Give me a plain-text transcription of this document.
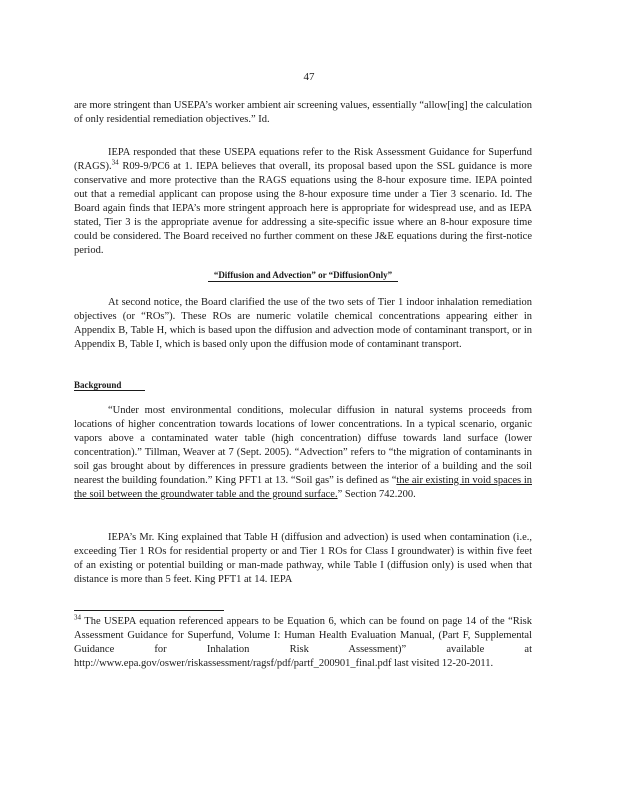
47

are more stringent than USEPA’s worker ambient air screening values, essentially “allow[ing] the calculation of only residential remediation objectives.” Id.

IEPA responded that these USEPA equations refer to the Risk Assessment Guidance for Superfund (RAGS).$^{34}$ R09-9/PC6 at 1. IEPA believes that overall, its proposal based upon the SSL guidance is more conservative and more protective than the RAGS equations using the 8-hour exposure time. IEPA pointed out that a remedial applicant can propose using the 8-hour exposure time under a Tier 3 scenario. Id. The Board again finds that IEPA’s more stringent approach here is appropriate for widespread use, and as IEPA stated, Tier 3 is the appropriate avenue for addressing a site-specific issue where an 8-hour exposure time could be considered. The Board received no further comment on these J&E equations during the first-notice period.

“Diffusion and Advection” or “DiffusionOnly”

At second notice, the Board clarified the use of the two sets of Tier 1 indoor inhalation remediation objectives (or “ROs”). These ROs are numeric volatile chemical concentrations appearing either in Appendix B, Table H, which is based upon the diffusion and advection mode of contaminant transport, or in Appendix B, Table I, which is based only upon the diffusion mode of contaminant transport.

Background

“Under most environmental conditions, molecular diffusion in natural systems proceeds from locations of higher concentration towards locations of lower concentrations. In a typical scenario, organic vapors above a contaminated water table (high concentration) diffuse towards land surface (lower concentration).” Tillman, Weaver at 7 (Sept. 2005). “Advection” refers to “the migration of contaminants in soil gas brought about by differences in pressure gradients between the interior of a building and the soil nearest the building foundation.” King PFT1 at 13. “Soil gas” is defined as “the air existing in void spaces in the soil between the groundwater table and the ground surface.” Section 742.200.

IEPA’s Mr. King explained that Table H (diffusion and advection) is used when contamination (i.e., exceeding Tier 1 ROs for residential property or and Tier 1 ROs for Class I groundwater) is within five feet of an existing or potential building or man-made pathway, while Table I (diffusion only) is used when that distance is more than 5 feet. King PFT1 at 14. IEPA

$^{34}$ The USEPA equation referenced appears to be Equation 6, which can be found on page 14 of the “Risk Assessment Guidance for Superfund, Volume I: Human Health Evaluation Manual, (Part F, Supplemental Guidance for Inhalation Risk Assessment)” available at http://www.epa.gov/oswer/riskassessment/ragsf/pdf/partf_200901_final.pdf last visited 12-20-2011.
